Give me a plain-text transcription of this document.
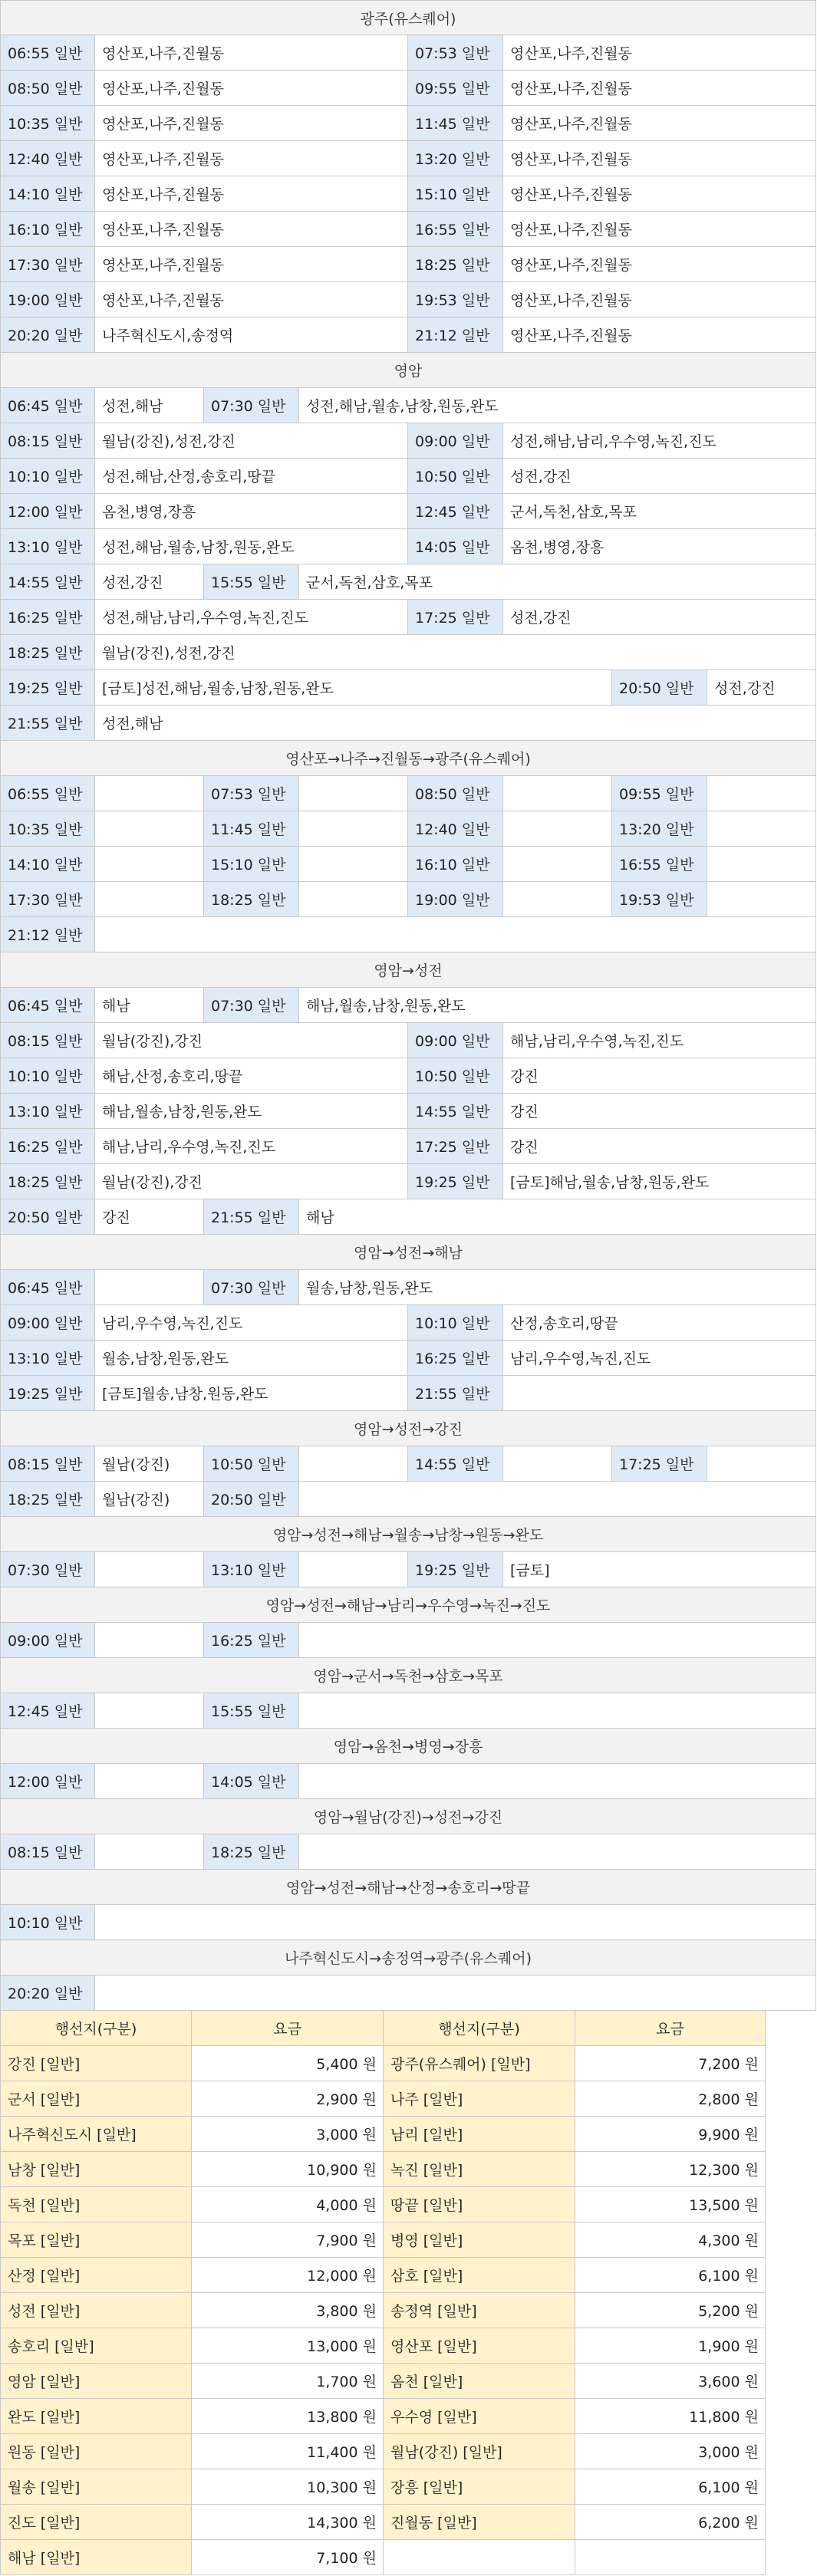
광주(유스퀘어)
06:55 일반	영산포,나주,진월동	07:53 일반	영산포,나주,진월동
08:50 일반	영산포,나주,진월동	09:55 일반	영산포,나주,진월동
10:35 일반	영산포,나주,진월동	11:45 일반	영산포,나주,진월동
12:40 일반	영산포,나주,진월동	13:20 일반	영산포,나주,진월동
14:10 일반	영산포,나주,진월동	15:10 일반	영산포,나주,진월동
16:10 일반	영산포,나주,진월동	16:55 일반	영산포,나주,진월동
17:30 일반	영산포,나주,진월동	18:25 일반	영산포,나주,진월동
19:00 일반	영산포,나주,진월동	19:53 일반	영산포,나주,진월동
20:20 일반	나주혁신도시,송정역	21:12 일반	영산포,나주,진월동
영암
06:45 일반	성전,해남	07:30 일반	성전,해남,월송,남창,원동,완도
08:15 일반	월남(강진),성전,강진	09:00 일반	성전,해남,남리,우수영,녹진,진도
10:10 일반	성전,해남,산정,송호리,땅끝	10:50 일반	성전,강진
12:00 일반	옴천,병영,장흥	12:45 일반	군서,독천,삼호,목포
13:10 일반	성전,해남,월송,남창,원동,완도	14:05 일반	옴천,병영,장흥
14:55 일반	성전,강진	15:55 일반	군서,독천,삼호,목포
16:25 일반	성전,해남,남리,우수영,녹진,진도	17:25 일반	성전,강진
18:25 일반	월남(강진),성전,강진
19:25 일반	[금토]성전,해남,월송,남창,원동,완도	20:50 일반	성전,강진
21:55 일반	성전,해남
영산포→나주→진월동→광주(유스퀘어)
06:55 일반	07:53 일반	08:50 일반	09:55 일반
10:35 일반	11:45 일반	12:40 일반	13:20 일반
14:10 일반	15:10 일반	16:10 일반	16:55 일반
17:30 일반	18:25 일반	19:00 일반	19:53 일반
21:12 일반
영암→성전
06:45 일반	해남	07:30 일반	해남,월송,남창,원동,완도
08:15 일반	월남(강진),강진	09:00 일반	해남,남리,우수영,녹진,진도
10:10 일반	해남,산정,송호리,땅끝	10:50 일반	강진
13:10 일반	해남,월송,남창,원동,완도	14:55 일반	강진
16:25 일반	해남,남리,우수영,녹진,진도	17:25 일반	강진
18:25 일반	월남(강진),강진	19:25 일반	[금토]해남,월송,남창,원동,완도
20:50 일반	강진	21:55 일반	해남
영암→성전→해남
06:45 일반	07:30 일반	월송,남창,원동,완도
09:00 일반	남리,우수영,녹진,진도	10:10 일반	산정,송호리,땅끝
13:10 일반	월송,남창,원동,완도	16:25 일반	남리,우수영,녹진,진도
19:25 일반	[금토]월송,남창,원동,완도	21:55 일반
영암→성전→강진
08:15 일반	월남(강진)	10:50 일반	14:55 일반	17:25 일반
18:25 일반	월남(강진)	20:50 일반
영암→성전→해남→월송→남창→원동→완도
07:30 일반	13:10 일반	19:25 일반	[금토]
영암→성전→해남→남리→우수영→녹진→진도
09:00 일반	16:25 일반
영암→군서→독천→삼호→목포
12:45 일반	15:55 일반
영암→옴천→병영→장흥
12:00 일반	14:05 일반
영암→월남(강진)→성전→강진
08:15 일반	18:25 일반
영암→성전→해남→산정→송호리→땅끝
10:10 일반
나주혁신도시→송정역→광주(유스퀘어)
20:20 일반
행선지(구분)	요금	행선지(구분)	요금
강진 [일반]	5,400 원 광주(유스퀘어) [일반]	7,200 원
군서 [일반]	2,900 원 나주 [일반]	2,800 원
나주혁신도시 [일반]	3,000 원 남리 [일반]	9,900 원
남창 [일반]	10,900 원 녹진 [일반]	12,300 원
독천 [일반]	4,000 원 땅끝 [일반]	13,500 원
목포 [일반]	7,900 원 병영 [일반]	4,300 원
산정 [일반]	12,000 원 삼호 [일반]	6,100 원
성전 [일반]	3,800 원 송정역 [일반]	5,200 원
송호리 [일반]	13,000 원 영산포 [일반]	1,900 원
영암 [일반]	1,700 원 옴천 [일반]	3,600 원
완도 [일반]	13,800 원 우수영 [일반]	11,800 원
원동 [일반]	11,400 원 월남(강진) [일반]	3,000 원
월송 [일반]	10,300 원 장흥 [일반]	6,100 원
진도 [일반]	14,300 원 진월동 [일반]	6,200 원
해남 [일반]	7,100 원
